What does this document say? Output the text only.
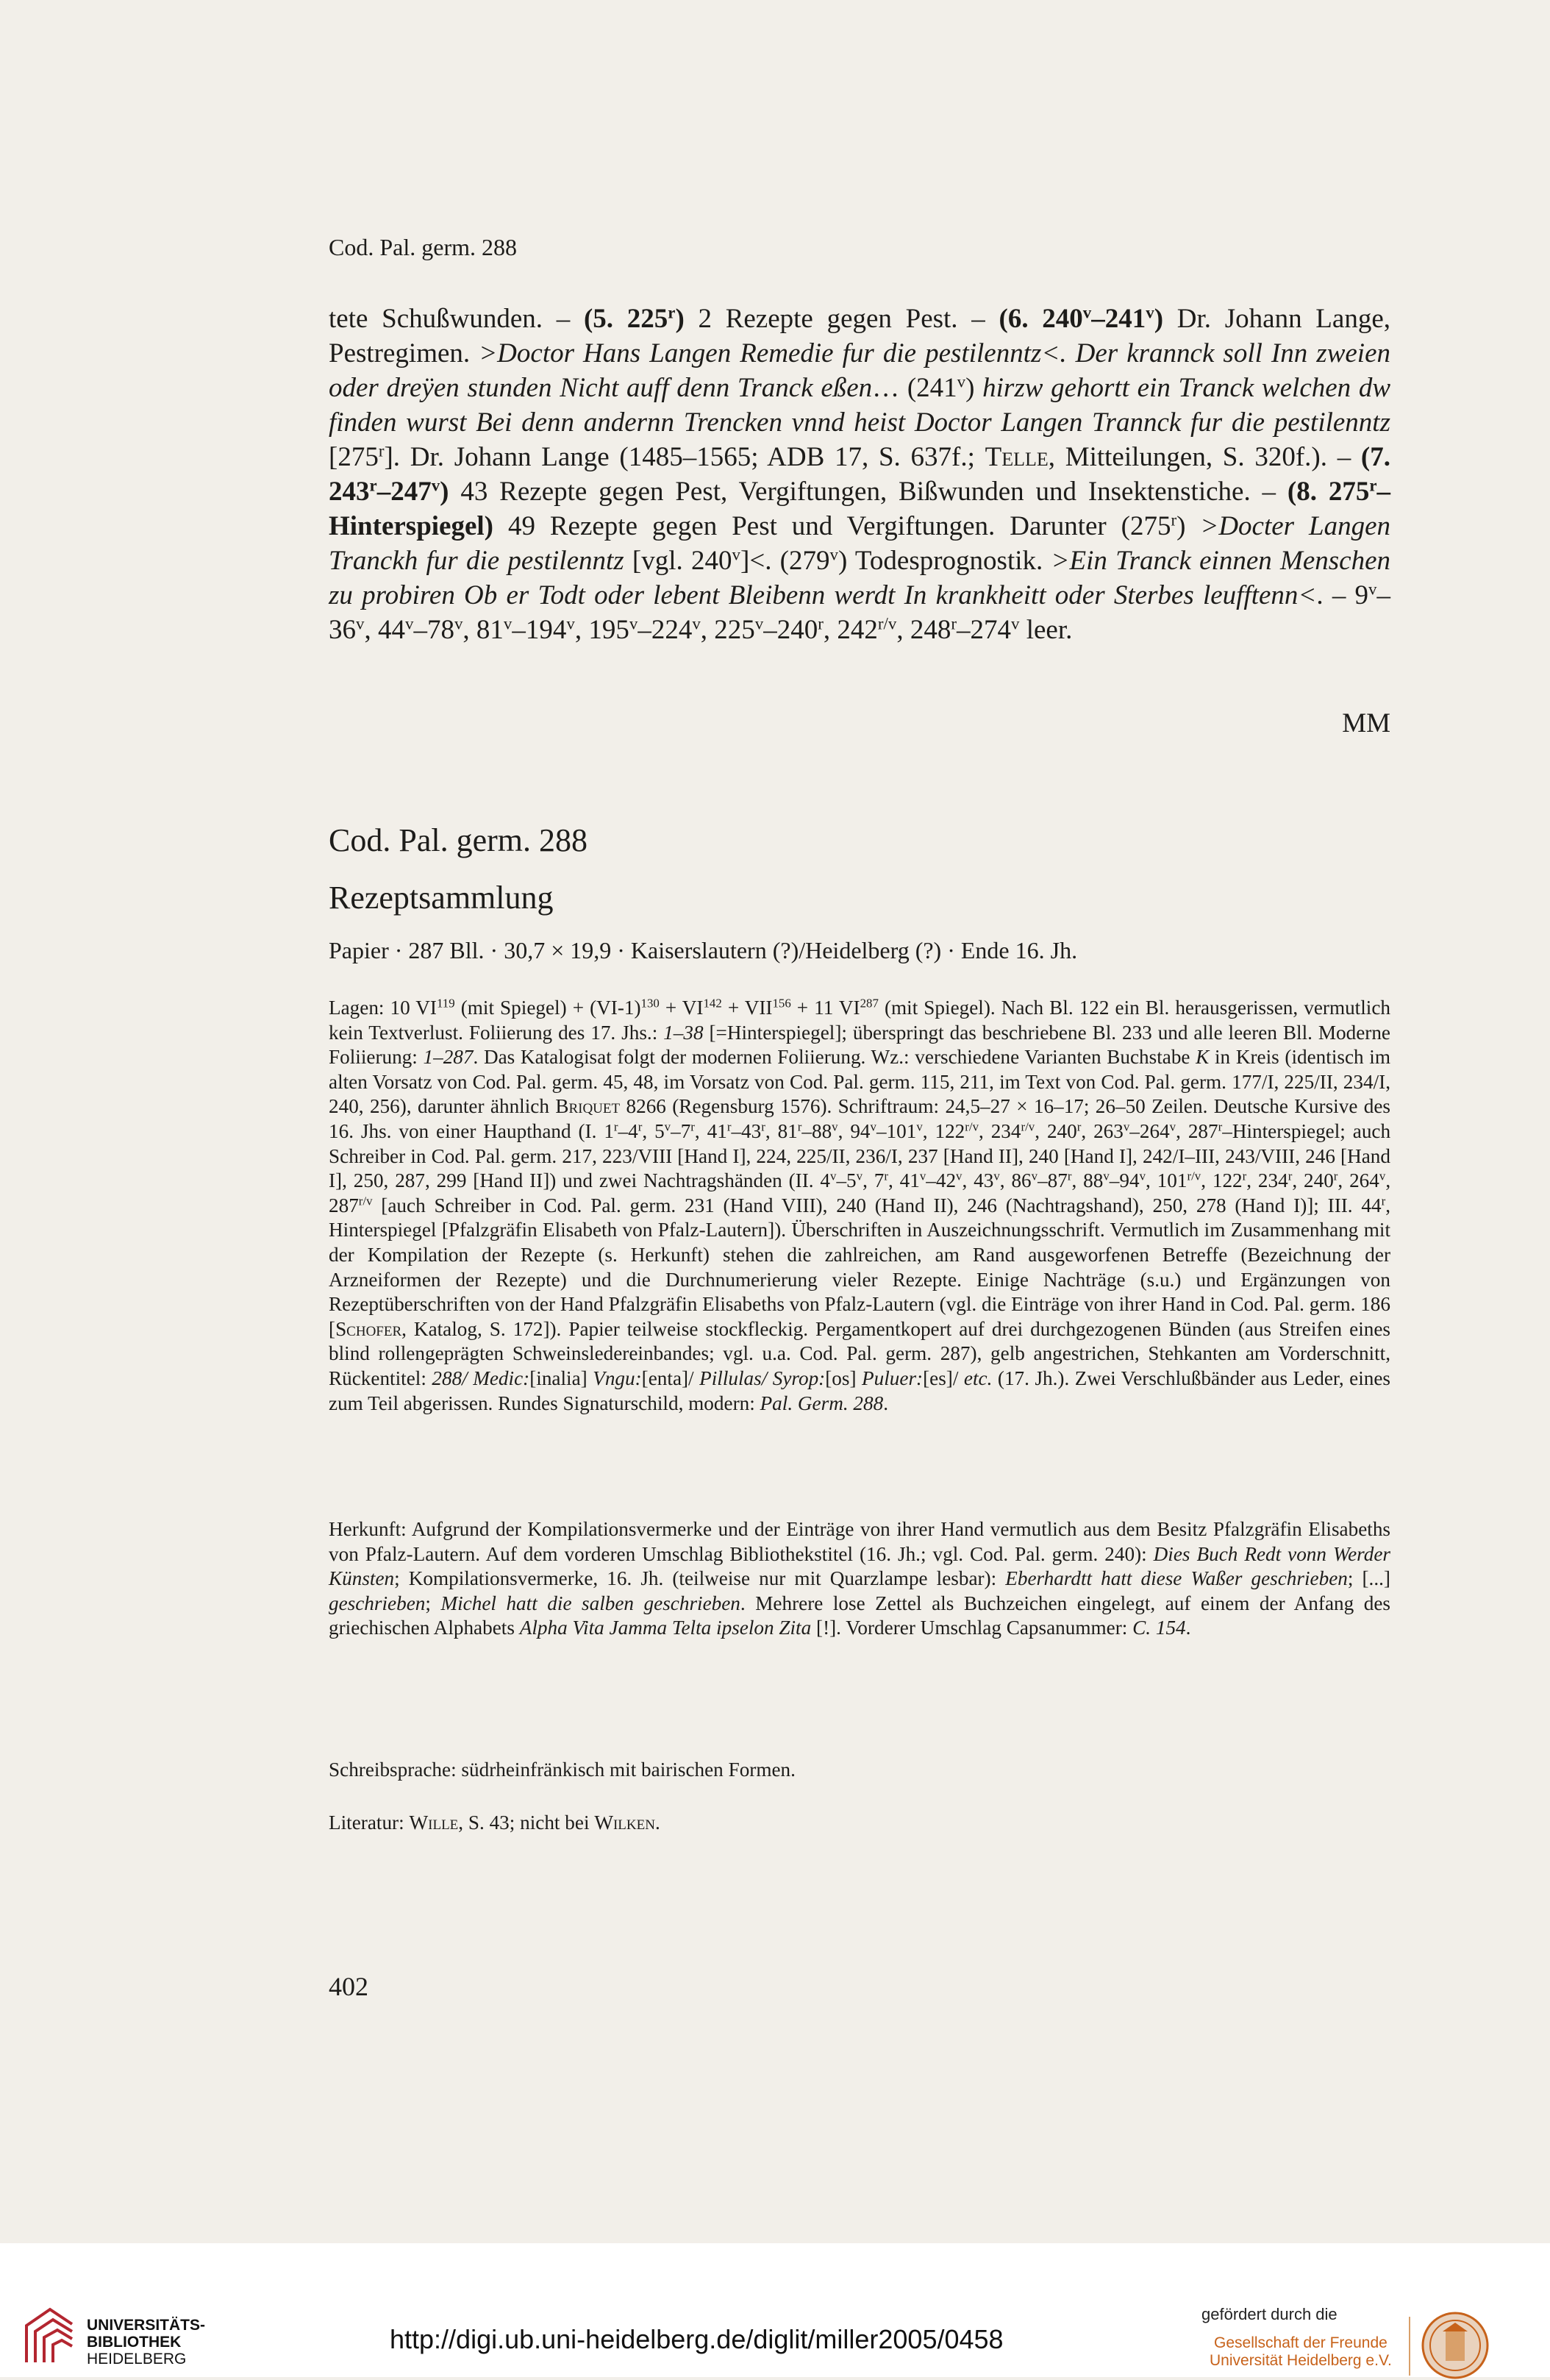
Cod. Pal. germ. 288

tete Schußwunden. – (5. 225$^r$) 2 Rezepte gegen Pest. – (6. 240$^v$–241$^v$) Dr. Johann Lange, Pestregimen. >Doctor Hans Langen Remedie fur die pestilenntz<. Der krannck soll Inn zweien oder dreÿen stunden Nicht auff denn Tranck eßen… (241$^v$) hirzw gehortt ein Tranck welchen dw finden wurst Bei denn andernn Trencken vnnd heist Doctor Langen Trannck fur die pestilenntz [275$^r$]. Dr. Johann Lange (1485–1565; ADB 17, S. 637f.; Telle, Mitteilungen, S. 320f.). – (7. 243$^r$–247$^v$) 43 Rezepte gegen Pest, Vergiftungen, Bißwunden und Insektenstiche. – (8. 275$^r$–Hinterspiegel) 49 Rezepte gegen Pest und Vergiftungen. Darunter $(275^r)$ >Docter Langen Tranckh fur die pestilenntz [vgl. $240^v]<$. (279$^v$) Todesprognostik. >Ein Tranck einnen Menschen zu probiren Ob er Todt oder lebent Bleibenn werdt In krankheitt oder Sterbes leufftenn<. – 9$^v$–36$^v$, 44$^v$–78$^v$, 81$^v$–194$^v$, 195$^v$–224$^v$, 225$^v$–240$^r$, $242^{r/v}$, 248$^r$–274$^v$ leer.

MM
Cod. Pal. germ. 288
Rezeptsammlung
Papier · 287 Bll. · 30,7 × 19,9 · Kaiserslautern (?)/Heidelberg (?) · Ende 16. Jh.

Lagen: 10 VI$^{119}$ (mit Spiegel) + $(VI-1)^{130} + VI^{142} + VII^{156} + 11$ VI$^{287}$ (mit Spiegel). Nach Bl. 122 ein Bl. herausgerissen, vermutlich kein Textverlust. Foliierung des 17. Jhs.: 1–38 [=Hinterspiegel]; überspringt das beschriebene Bl. 233 und alle leeren Bll. Moderne Foliierung: 1–287. Das Katalogisat folgt der modernen Foliierung. Wz.: verschiedene Varianten Buchstabe K in Kreis (identisch im alten Vorsatz von Cod. Pal. germ. 45, 48, im Vorsatz von Cod. Pal. germ. 115, 211, im Text von Cod. Pal. germ. 177/I, 225/II, 234/I, 240, 256), darunter ähnlich Briquet 8266 (Regensburg 1576). Schriftraum: 24,5–27 × 16–17; 26–50 Zeilen. Deutsche Kursive des 16. Jhs. von einer Haupthand (I. 1$^r$–4$^r$, 5$^v$–7$^r$, 41$^r$–43$^r$, 81$^r$–88$^v$, 94$^v$–101$^v$, $122^{r/v}$, $234^{r/v}$, 240$^r$, 263$^v$–264$^v$, 287$^r$–Hinterspiegel; auch Schreiber in Cod. Pal. germ. 217, 223/VIII [Hand I], 224, 225/II, 236/I, 237 [Hand II], 240 [Hand I], 242/I–III, 243/VIII, 246 [Hand I], 250, 287, 299 [Hand II]) und zwei Nachtragshänden (II. 4$^v$–5$^v$, 7$^r$, 41$^v$–42$^v$, 43$^v$, 86$^v$–87$^r$, 88$^v$–94$^v$, $101^{r/v}$, 122$^r$, 234$^r$, 240$^r$, 264$^v$, $287^{r/v}$ [auch Schreiber in Cod. Pal. germ. 231 (Hand VIII), 240 (Hand II), 246 (Nachtragshand), 250, 278 (Hand I)]; III. 44$^r$, Hinterspiegel [Pfalzgräfin Elisabeth von Pfalz-Lautern]). Überschriften in Auszeichnungsschrift. Vermutlich im Zusammenhang mit der Kompilation der Rezepte (s. Herkunft) stehen die zahlreichen, am Rand ausgeworfenen Betreffe (Bezeichnung der Arzneiformen der Rezepte) und die Durchnumerierung vieler Rezepte. Einige Nachträge (s.u.) und Ergänzungen von Rezeptüberschriften von der Hand Pfalzgräfin Elisabeths von Pfalz-Lautern (vgl. die Einträge von ihrer Hand in Cod. Pal. germ. 186 [Schofer, Katalog, S. 172]). Papier teilweise stockfleckig. Pergamentkopert auf drei durchgezogenen Bünden (aus Streifen eines blind rollengeprägten Schweinsledereinbandes; vgl. u.a. Cod. Pal. germ. 287), gelb angestrichen, Stehkanten am Vorderschnitt, Rückentitel: 288/ Medic:[inalia] Vngu:[enta]/ Pillulas/ Syrop:[os] Puluer:[es]/ etc. (17. Jh.). Zwei Verschlußbänder aus Leder, eines zum Teil abgerissen. Rundes Signaturschild, modern: Pal. Germ. 288.

Herkunft: Aufgrund der Kompilationsvermerke und der Einträge von ihrer Hand vermutlich aus dem Besitz Pfalzgräfin Elisabeths von Pfalz-Lautern. Auf dem vorderen Umschlag Bibliothekstitel (16. Jh.; vgl. Cod. Pal. germ. 240): Dies Buch Redt vonn Werder Künsten; Kompilationsvermerke, 16. Jh. (teilweise nur mit Quarzlampe lesbar): Eberhardtt hatt diese Waßer geschrieben; [...] geschrieben; Michel hatt die salben geschrieben. Mehrere lose Zettel als Buchzeichen eingelegt, auf einem der Anfang des griechischen Alphabets Alpha Vita Jamma Telta ipselon Zita [!]. Vorderer Umschlag Capsanummer: C. 154.

Schreibsprache: südrheinfränkisch mit bairischen Formen.

Literatur: Wille, S. 43; nicht bei Wilken.

402
UNIVERSITÄTS-
BIBLIOTHEK
HEIDELBERG
http://digi.ub.uni-heidelberg.de/diglit/miller2005/0458
gefördert durch die
Gesellschaft der Freunde
Universität Heidelberg e.V.
